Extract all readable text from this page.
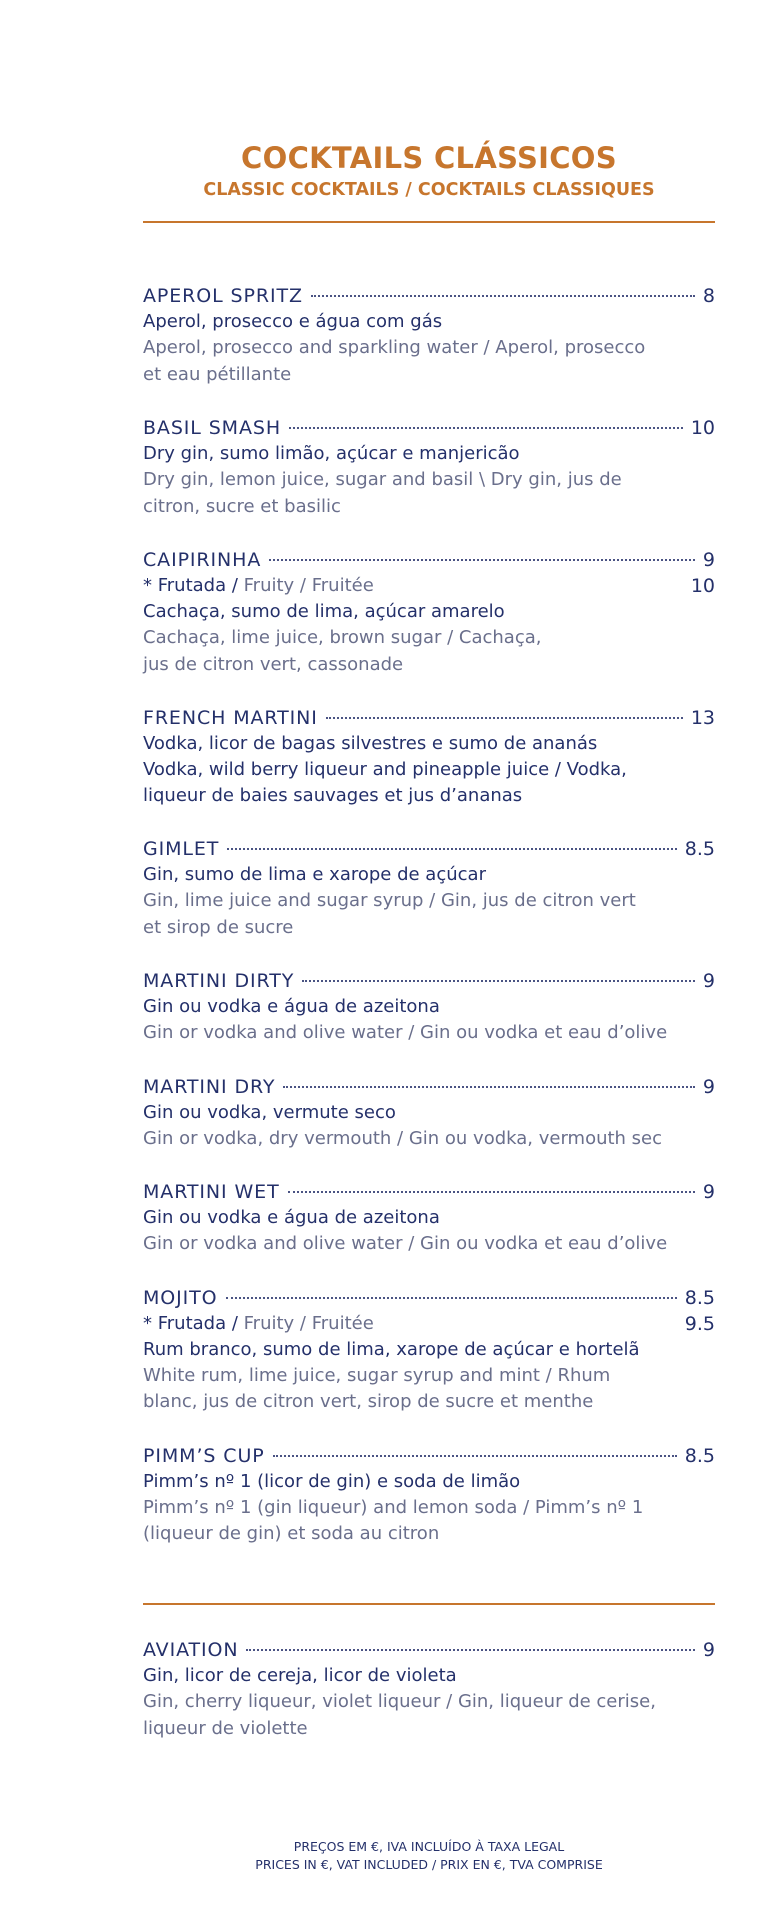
COCKTAILS CLÁSSICOS
CLASSIC COCKTAILS / COCKTAILS CLASSIQUES
APEROL SPRITZ	8
Aperol, prosecco e água com gás
Aperol, prosecco and sparkling water / Aperol, prosecco
et eau pétillante
BASIL SMASH	10
Dry gin, sumo limão, açúcar e manjericão
Dry gin, lemon juice, sugar and basil \ Dry gin, jus de
citron, sucre et basilic
CAIPIRINHA	9
* Frutada / Fruity / Fruitée	10
Cachaça, sumo de lima, açúcar amarelo
Cachaça, lime juice, brown sugar / Cachaça,
jus de citron vert, cassonade
FRENCH MARTINI	13
Vodka, licor de bagas silvestres e sumo de ananás
Vodka, wild berry liqueur and pineapple juice / Vodka,
liqueur de baies sauvages et jus d’ananas
GIMLET	8.5
Gin, sumo de lima e xarope de açúcar
Gin, lime juice and sugar syrup / Gin, jus de citron vert
et sirop de sucre
MARTINI DIRTY	9
Gin ou vodka e água de azeitona
Gin or vodka and olive water / Gin ou vodka et eau d’olive
MARTINI DRY	9
Gin ou vodka, vermute seco
Gin or vodka, dry vermouth / Gin ou vodka, vermouth sec
MARTINI WET	9
Gin ou vodka e água de azeitona
Gin or vodka and olive water / Gin ou vodka et eau d’olive
MOJITO	8.5
* Frutada / Fruity / Fruitée	9.5
Rum branco, sumo de lima, xarope de açúcar e hortelã
White rum, lime juice, sugar syrup and mint / Rhum
blanc, jus de citron vert, sirop de sucre et menthe
PIMM’S CUP	8.5
Pimm’s nº 1 (licor de gin) e soda de limão
Pimm’s nº 1 (gin liqueur) and lemon soda / Pimm’s nº 1
(liqueur de gin) et soda au citron
AVIATION	9
Gin, licor de cereja, licor de violeta
Gin, cherry liqueur, violet liqueur / Gin, liqueur de cerise,
liqueur de violette
PREÇOS EM €, IVA INCLUÍDO À TAXA LEGAL
PRICES IN €, VAT INCLUDED / PRIX EN €, TVA COMPRISE
